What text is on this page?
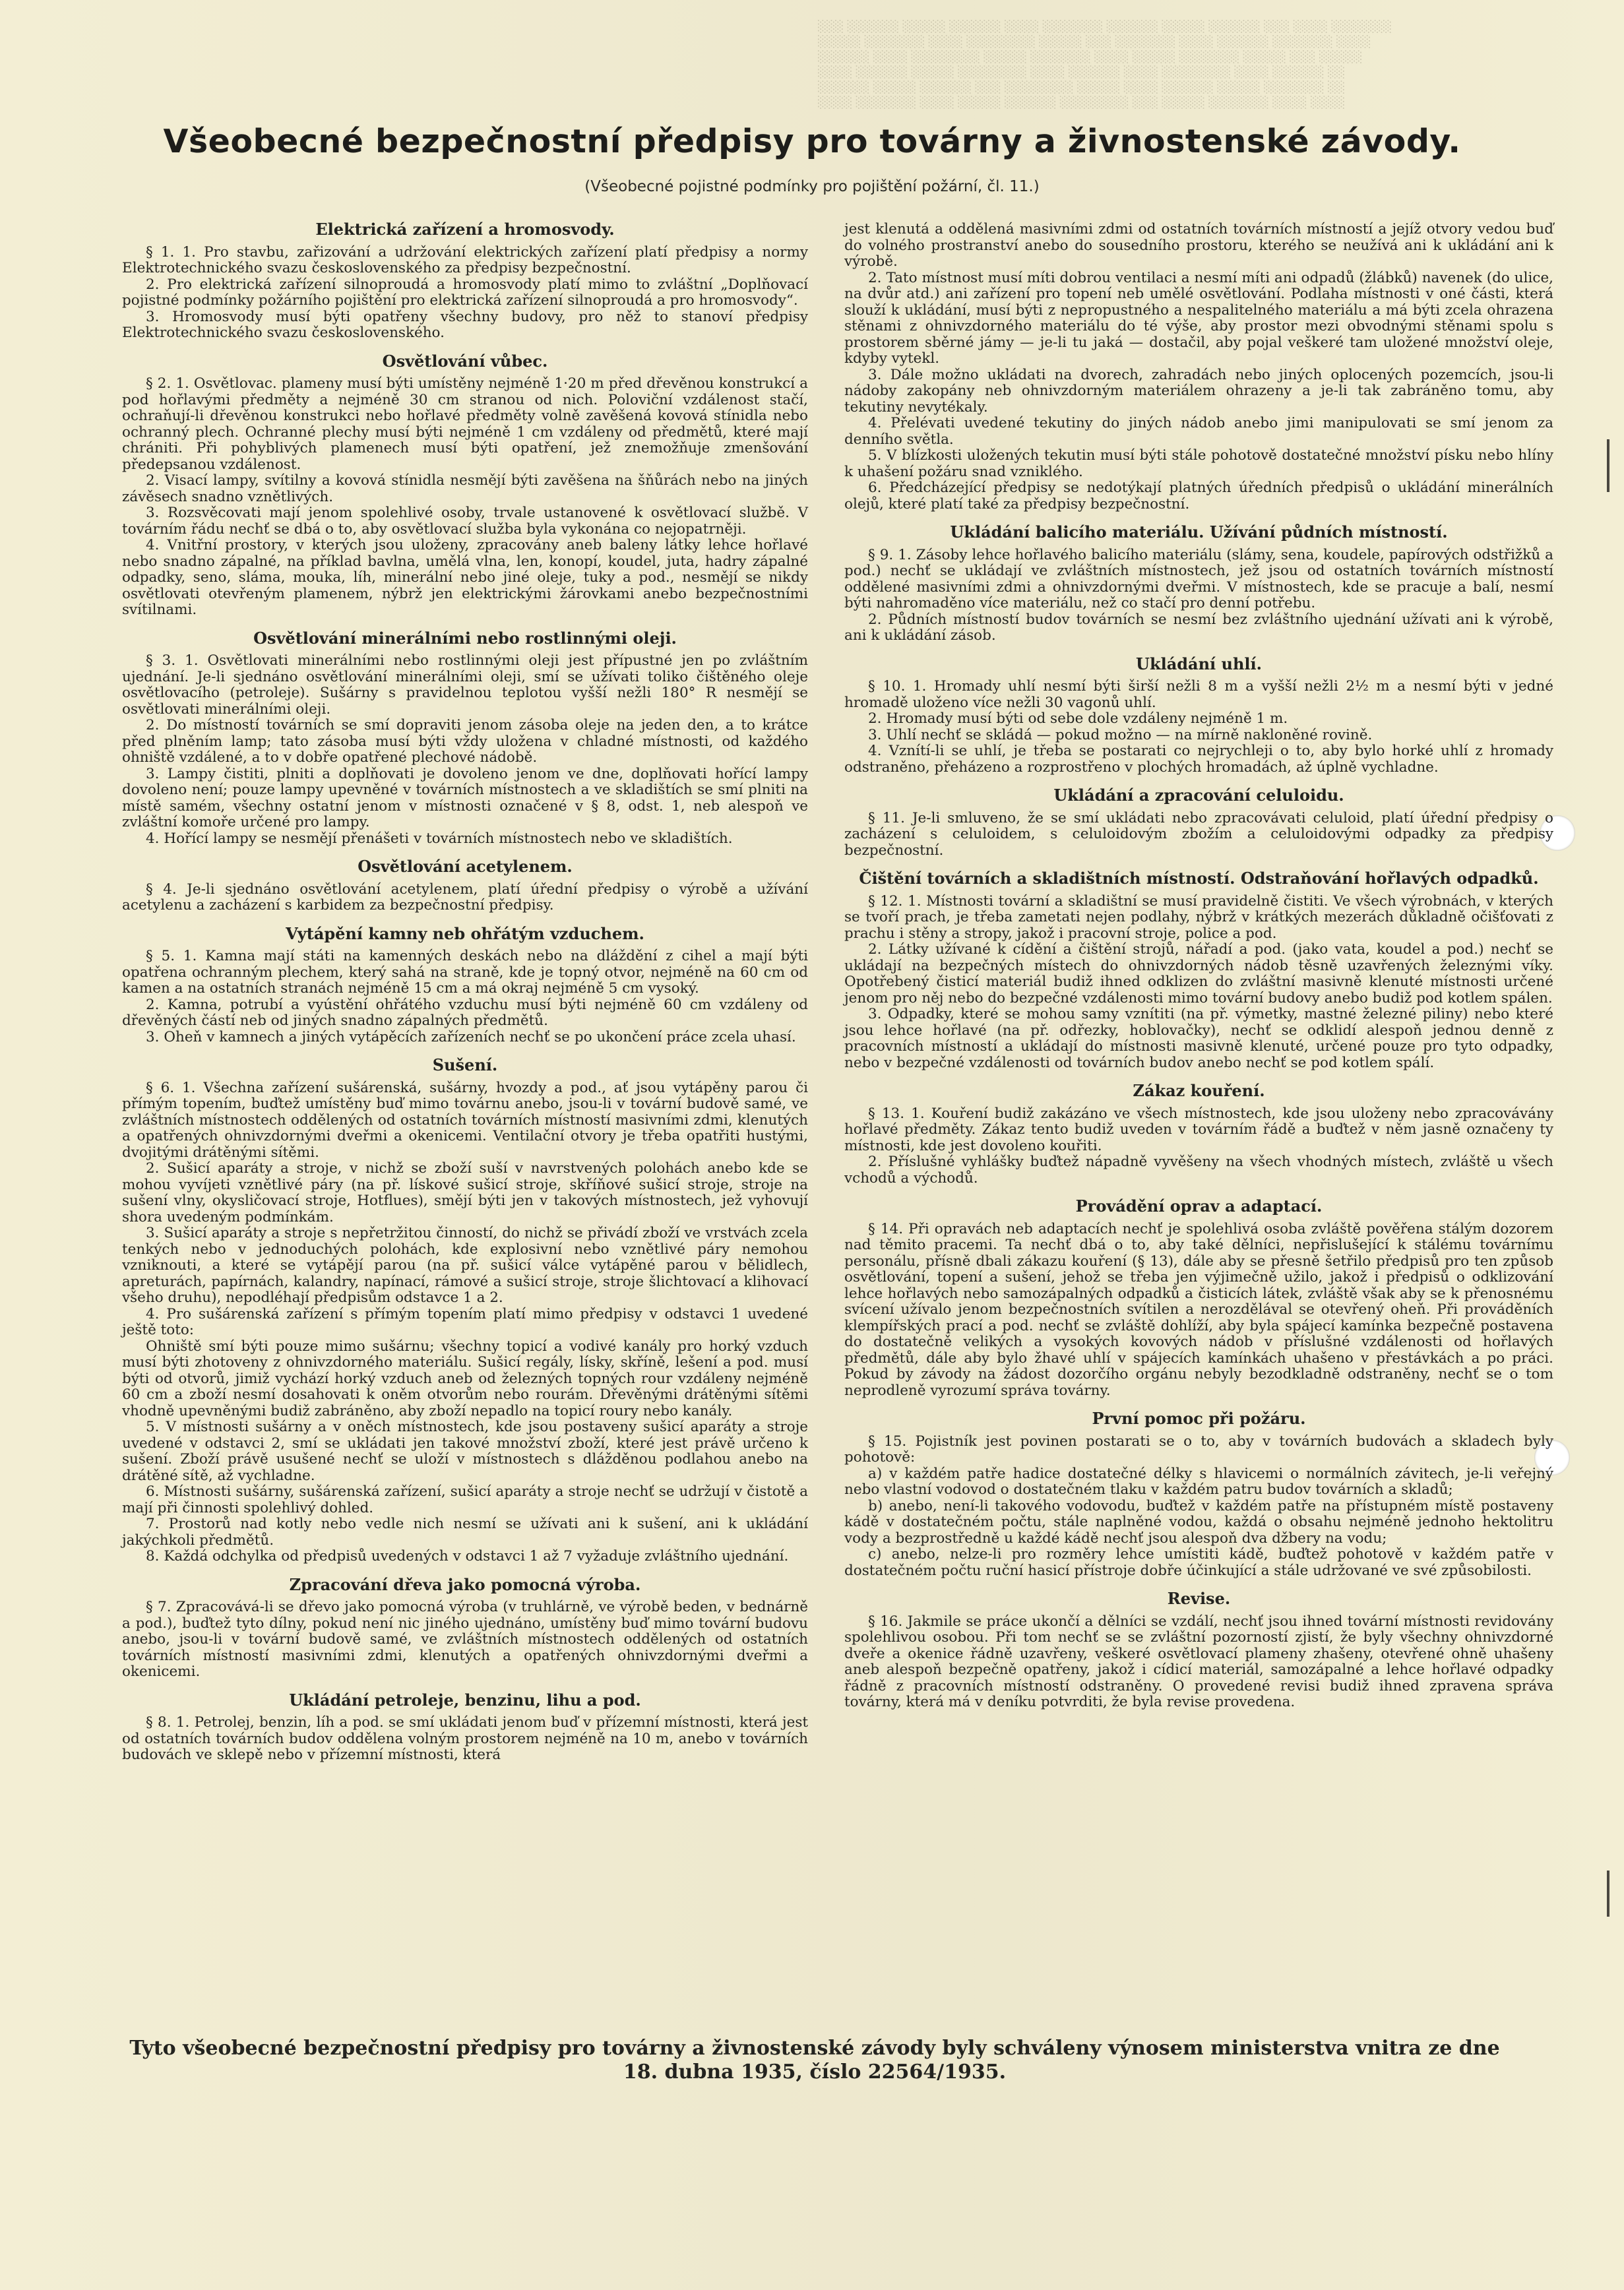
░░░ ░░░░░░ ░░░░░ ░░░░░░ ░░░░ ░░░░░░░ ░░░░░░ ░░░░░ ░░░░░░ ░░░ ░░░░ ░░░░░░░
░░░░░ ░░░░░░░ ░░░░ ░░░░░░░░ ░░░░░ ░░░ ░░░░░░░ ░░░░ ░░░░░░ ░░░░░░░ ░░░░
░░░░░░ ░░░░ ░░░░░░░░ ░░░░░ ░░░░░░░ ░░░░ ░░░░░ ░░░░░░░ ░░░░░ ░░░ ░░░░░
░░░░ ░░░░░░ ░░░░░ ░░░░░░░░ ░░░░ ░░░░░░ ░░░░ ░░░░░░░░ ░░░░ ░░░░░░ ░░
░░░░░░ ░░░░░ ░░░░░░ ░░░ ░░░░░░░░ ░░░░░ ░░░░ ░░░░░░ ░░░░░ ░░░░░░░ ░░
░░░░ ░░░░░░░ ░░░░ ░░░░░ ░░░░░░ ░░░░░░░░ ░░░ ░░░░░ ░░░░░░░ ░░░░ ░░░░
Všeobecné bezpečnostní předpisy pro továrny a živnostenské závody.

(Všeobecné pojistné podmínky pro pojištění požární, čl. 11.)

Elektrická zařízení a hromosvody.

§ 1. 1. Pro stavbu, zařizování a udržování elektrických zařízení platí předpisy a normy Elektrotechnického svazu československého za předpisy bezpečnostní.

2. Pro elektrická zařízení silnoproudá a hromosvody platí mimo to zvláštní „Doplňovací pojistné podmínky požárního pojištění pro elektrická zařízení silnoproudá a pro hromosvody“.

3. Hromosvody musí býti opatřeny všechny budovy, pro něž to stanoví předpisy Elektrotechnického svazu československého.

Osvětlování vůbec.

§ 2. 1. Osvětlovac. plameny musí býti umístěny nejméně 1·20 m před dřevěnou konstrukcí a pod hořlavými předměty a nejméně 30 cm stranou od nich. Poloviční vzdálenost stačí, ochraňují-li dřevěnou konstrukci nebo hořlavé předměty volně zavěšená kovová stínidla nebo ochranný plech. Ochranné plechy musí býti nejméně 1 cm vzdáleny od předmětů, které mají chrániti. Při pohyblivých plamenech musí býti opatření, jež znemožňuje zmenšování předepsanou vzdálenost.

2. Visací lampy, svítilny a kovová stínidla nesmějí býti zavěšena na šňůrách nebo na jiných závěsech snadno vznětlivých.

3. Rozsvěcovati mají jenom spolehlivé osoby, trvale ustanovené k osvětlovací službě. V továrním řádu nechť se dbá o to, aby osvětlovací služba byla vykonána co nejopatrněji.

4. Vnitřní prostory, v kterých jsou uloženy, zpracovány aneb baleny látky lehce hořlavé nebo snadno zápalné, na příklad bavlna, umělá vlna, len, konopí, koudel, juta, hadry zápalné odpadky, seno, sláma, mouka, líh, minerální nebo jiné oleje, tuky a pod., nesmějí se nikdy osvětlovati otevřeným plamenem, nýbrž jen elektrickými žárovkami anebo bezpečnostními svítilnami.

Osvětlování minerálními nebo rostlinnými oleji.

§ 3. 1. Osvětlovati minerálními nebo rostlinnými oleji jest přípustné jen po zvláštním ujednání. Je-li sjednáno osvětlování minerálními oleji, smí se užívati toliko čištěného oleje osvětlovacího (petroleje). Sušárny s pravidelnou teplotou vyšší nežli 180° R nesmějí se osvětlovati minerálními oleji.

2. Do místností továrních se smí dopraviti jenom zásoba oleje na jeden den, a to krátce před plněním lamp; tato zásoba musí býti vždy uložena v chladné místnosti, od každého ohniště vzdálené, a to v dobře opatřené plechové nádobě.

3. Lampy čistiti, plniti a doplňovati je dovoleno jenom ve dne, doplňovati hořící lampy dovoleno není; pouze lampy upevněné v továrních místnostech a ve skladištích se smí plniti na místě samém, všechny ostatní jenom v místnosti označené v § 8, odst. 1, neb alespoň ve zvláštní komoře určené pro lampy.

4. Hořící lampy se nesmějí přenášeti v továrních místnostech nebo ve skladištích.

Osvětlování acetylenem.

§ 4. Je-li sjednáno osvětlování acetylenem, platí úřední předpisy o výrobě a užívání acetylenu a zacházení s karbidem za bezpečnostní předpisy.

Vytápění kamny neb ohřátým vzduchem.

§ 5. 1. Kamna mají státi na kamenných deskách nebo na dláždění z cihel a mají býti opatřena ochranným plechem, který sahá na straně, kde je topný otvor, nejméně na 60 cm od kamen a na ostatních stranách nejméně 15 cm a má okraj nejméně 5 cm vysoký.

2. Kamna, potrubí a vyústění ohřátého vzduchu musí býti nejméně 60 cm vzdáleny od dřevěných částí neb od jiných snadno zápalných předmětů.

3. Oheň v kamnech a jiných vytápěcích zařízeních nechť se po ukončení práce zcela uhasí.

Sušení.

§ 6. 1. Všechna zařízení sušárenská, sušárny, hvozdy a pod., ať jsou vytápěny parou či přímým topením, buďtež umístěny buď mimo továrnu anebo, jsou-li v tovární budově samé, ve zvláštních místnostech oddělených od ostatních továrních místností masivními zdmi, klenutých a opatřených ohnivzdornými dveřmi a okenicemi. Ventilační otvory je třeba opatřiti hustými, dvojitými drátěnými sítěmi.

2. Sušicí aparáty a stroje, v nichž se zboží suší v navrstvených polohách anebo kde se mohou vyvíjeti vznětlivé páry (na př. lískové sušicí stroje, skříňové sušicí stroje, stroje na sušení vlny, okysličovací stroje, Hotflues), smějí býti jen v takových místnostech, jež vyhovují shora uvedeným podmínkám.

3. Sušicí aparáty a stroje s nepřetržitou činností, do nichž se přivádí zboží ve vrstvách zcela tenkých nebo v jednoduchých polohách, kde explosivní nebo vznětlivé páry nemohou vzniknouti, a které se vytápějí parou (na př. sušicí válce vytápěné parou v bělidlech, apreturách, papírnách, kalandry, napínací, rámové a sušicí stroje, stroje šlichtovací a klihovací všeho druhu), nepodléhají předpisům odstavce 1 a 2.

4. Pro sušárenská zařízení s přímým topením platí mimo předpisy v odstavci 1 uvedené ještě toto:

Ohniště smí býti pouze mimo sušárnu; všechny topicí a vodivé kanály pro horký vzduch musí býti zhotoveny z ohnivzdorného materiálu. Sušicí regály, lísky, skříně, lešení a pod. musí býti od otvorů, jimiž vychází horký vzduch aneb od železných topných rour vzdáleny nejméně 60 cm a zboží nesmí dosahovati k oněm otvorům nebo rourám. Dřevěnými drátěnými sítěmi vhodně upevněnými budiž zabráněno, aby zboží nepadlo na topicí roury nebo kanály.

5. V místnosti sušárny a v oněch místnostech, kde jsou postaveny sušicí aparáty a stroje uvedené v odstavci 2, smí se ukládati jen takové množství zboží, které jest právě určeno k sušení. Zboží právě usušené nechť se uloží v místnostech s dlážděnou podlahou anebo na drátěné sítě, až vychladne.

6. Místnosti sušárny, sušárenská zařízení, sušicí aparáty a stroje nechť se udržují v čistotě a mají při činnosti spolehlivý dohled.

7. Prostorů nad kotly nebo vedle nich nesmí se užívati ani k sušení, ani k ukládání jakýchkoli předmětů.

8. Každá odchylka od předpisů uvedených v odstavci 1 až 7 vyžaduje zvláštního ujednání.

Zpracování dřeva jako pomocná výroba.

§ 7. Zpracovává-li se dřevo jako pomocná výroba (v truhlárně, ve výrobě beden, v bednárně a pod.), buďtež tyto dílny, pokud není nic jiného ujednáno, umístěny buď mimo tovární budovu anebo, jsou-li v tovární budově samé, ve zvláštních místnostech oddělených od ostatních továrních místností masivními zdmi, klenutých a opatřených ohnivzdornými dveřmi a okenicemi.

Ukládání petroleje, benzinu, lihu a pod.

§ 8. 1. Petrolej, benzin, líh a pod. se smí ukládati jenom buď v přízemní místnosti, která jest od ostatních továrních budov oddělena volným prostorem nejméně na 10 m, anebo v továrních budovách ve sklepě nebo v přízemní místnosti, která

jest klenutá a oddělená masivními zdmi od ostatních továrních místností a jejíž otvory vedou buď do volného prostranství anebo do sousedního prostoru, kterého se neužívá ani k ukládání ani k výrobě.

2. Tato místnost musí míti dobrou ventilaci a nesmí míti ani odpadů (žlábků) navenek (do ulice, na dvůr atd.) ani zařízení pro topení neb umělé osvětlování. Podlaha místnosti v oné části, která slouží k ukládání, musí býti z nepropustného a nespalitelného materiálu a má býti zcela ohrazena stěnami z ohnivzdorného materiálu do té výše, aby prostor mezi obvodnými stěnami spolu s prostorem sběrné jámy — je-li tu jaká — dostačil, aby pojal veškeré tam uložené množství oleje, kdyby vytekl.

3. Dále možno ukládati na dvorech, zahradách nebo jiných oplocených pozemcích, jsou-li nádoby zakopány neb ohnivzdorným materiálem ohrazeny a je-li tak zabráněno tomu, aby tekutiny nevytékaly.

4. Přelévati uvedené tekutiny do jiných nádob anebo jimi manipulovati se smí jenom za denního světla.

5. V blízkosti uložených tekutin musí býti stále pohotově dostatečné množství písku nebo hlíny k uhašení požáru snad vzniklého.

6. Předcházející předpisy se nedotýkají platných úředních předpisů o ukládání minerálních olejů, které platí také za předpisy bezpečnostní.

Ukládání balicího materiálu. Užívání půdních místností.

§ 9. 1. Zásoby lehce hořlavého balicího materiálu (slámy, sena, koudele, papírových odstřižků a pod.) nechť se ukládají ve zvláštních místnostech, jež jsou od ostatních továrních místností oddělené masivními zdmi a ohnivzdornými dveřmi. V místnostech, kde se pracuje a balí, nesmí býti nahromaděno více materiálu, než co stačí pro denní potřebu.

2. Půdních místností budov továrních se nesmí bez zvláštního ujednání užívati ani k výrobě, ani k ukládání zásob.

Ukládání uhlí.

§ 10. 1. Hromady uhlí nesmí býti širší nežli 8 m a vyšší nežli 2½ m a nesmí býti v jedné hromadě uloženo více nežli 30 vagonů uhlí.

2. Hromady musí býti od sebe dole vzdáleny nejméně 1 m.

3. Uhlí nechť se skládá — pokud možno — na mírně nakloněné rovině.

4. Vznítí-li se uhlí, je třeba se postarati co nejrychleji o to, aby bylo horké uhlí z hromady odstraněno, přeházeno a rozprostřeno v plochých hromadách, až úplně vychladne.

Ukládání a zpracování celuloidu.

§ 11. Je-li smluveno, že se smí ukládati nebo zpracovávati celuloid, platí úřední předpisy o zacházení s celuloidem, s celuloidovým zbožím a celuloidovými odpadky za předpisy bezpečnostní.

Čištění továrních a skladištních místností. Odstraňování hořlavých odpadků.

§ 12. 1. Místnosti tovární a skladištní se musí pravidelně čistiti. Ve všech výrobnách, v kterých se tvoří prach, je třeba zametati nejen podlahy, nýbrž v krátkých mezerách důkladně očišťovati z prachu i stěny a stropy, jakož i pracovní stroje, police a pod.

2. Látky užívané k cídění a čištění strojů, nářadí a pod. (jako vata, koudel a pod.) nechť se ukládají na bezpečných místech do ohnivzdorných nádob těsně uzavřených železnými víky. Opotřebený čisticí materiál budiž ihned odklizen do zvláštní masivně klenuté místnosti určené jenom pro něj nebo do bezpečné vzdálenosti mimo tovární budovy anebo budiž pod kotlem spálen.

3. Odpadky, které se mohou samy vznítiti (na př. výmetky, mastné železné piliny) nebo které jsou lehce hořlavé (na př. odřezky, hoblovačky), nechť se odklidí alespoň jednou denně z pracovních místností a ukládají do místnosti masivně klenuté, určené pouze pro tyto odpadky, nebo v bezpečné vzdálenosti od továrních budov anebo nechť se pod kotlem spálí.

Zákaz kouření.

§ 13. 1. Kouření budiž zakázáno ve všech místnostech, kde jsou uloženy nebo zpracovávány hořlavé předměty. Zákaz tento budiž uveden v továrním řádě a buďtež v něm jasně označeny ty místnosti, kde jest dovoleno kouřiti.

2. Příslušné vyhlášky buďtež nápadně vyvěšeny na všech vhodných místech, zvláště u všech vchodů a východů.

Provádění oprav a adaptací.

§ 14. Při opravách neb adaptacích nechť je spolehlivá osoba zvláště pověřena stálým dozorem nad těmito pracemi. Ta nechť dbá o to, aby také dělníci, nepřislušející k stálému továrnímu personálu, přísně dbali zákazu kouření (§ 13), dále aby se přesně šetřilo předpisů pro ten způsob osvětlování, topení a sušení, jehož se třeba jen výjimečně užilo, jakož i předpisů o odklizování lehce hořlavých nebo samozápalných odpadků a čisticích látek, zvláště však aby se k přenosnému svícení užívalo jenom bezpečnostních svítilen a nerozdělával se otevřený oheň. Při prováděních klempířských prací a pod. nechť se zvláště dohlíží, aby byla spájecí kamínka bezpečně postavena do dostatečně velikých a vysokých kovových nádob v příslušné vzdálenosti od hořlavých předmětů, dále aby bylo žhavé uhlí v spájecích kamínkách uhašeno v přestávkách a po práci. Pokud by závody na žádost dozorčího orgánu nebyly bezodkladně odstraněny, nechť se o tom neprodleně vyrozumí správa továrny.

První pomoc při požáru.

§ 15. Pojistník jest povinen postarati se o to, aby v továrních budovách a skladech byly pohotově:

a) v každém patře hadice dostatečné délky s hlavicemi o normálních závitech, je-li veřejný nebo vlastní vodovod o dostatečném tlaku v každém patru budov továrních a skladů;

b) anebo, není-li takového vodovodu, buďtež v každém patře na přístupném místě postaveny kádě v dostatečném počtu, stále naplněné vodou, každá o obsahu nejméně jednoho hektolitru vody a bezprostředně u každé kádě nechť jsou alespoň dva džbery na vodu;

c) anebo, nelze-li pro rozměry lehce umístiti kádě, buďtež pohotově v každém patře v dostatečném počtu ruční hasicí přístroje dobře účinkující a stále udržované ve své způsobilosti.

Revise.

§ 16. Jakmile se práce ukončí a dělníci se vzdálí, nechť jsou ihned tovární místnosti revidovány spolehlivou osobou. Při tom nechť se se zvláštní pozorností zjistí, že byly všechny ohnivzdorné dveře a okenice řádně uzavřeny, veškeré osvětlovací plameny zhašeny, otevřené ohně uhašeny aneb alespoň bezpečně opatřeny, jakož i cídicí materiál, samozápalné a lehce hořlavé odpadky řádně z pracovních místností odstraněny. O provedené revisi budiž ihned zpravena správa továrny, která má v deníku potvrditi, že byla revise provedena.

Tyto všeobecné bezpečnostní předpisy pro továrny a živnostenské závody byly schváleny výnosem ministerstva vnitra ze dne 18. dubna 1935, číslo 22564/1935.
